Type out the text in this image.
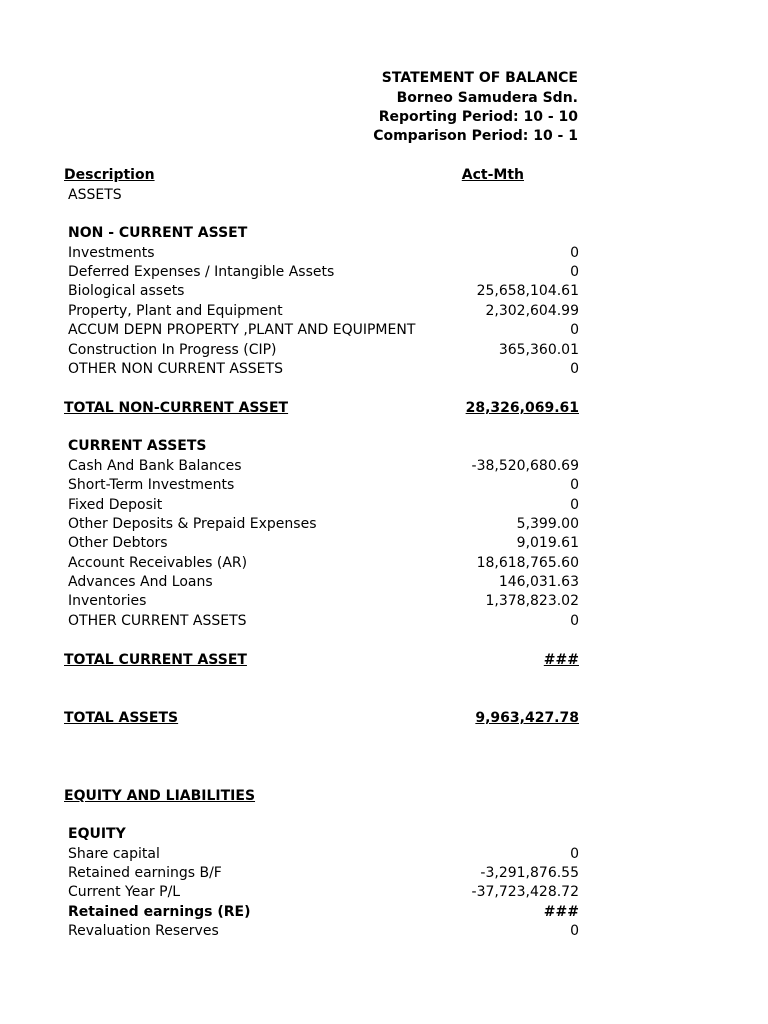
STATEMENT OF BALANCE
Borneo Samudera Sdn.
Reporting Period: 10 - 10
Comparison Period: 10 - 1
Description	Act-Mth
ASSETS
NON - CURRENT ASSET
Investments	0
Deferred Expenses / Intangible Assets	0
Biological assets	25,658,104.61
Property, Plant and Equipment	2,302,604.99
ACCUM DEPN PROPERTY ,PLANT AND EQUIPMENT	0
Construction In Progress (CIP)	365,360.01
OTHER NON CURRENT ASSETS	0
TOTAL NON-CURRENT ASSET	28,326,069.61
CURRENT ASSETS
Cash And Bank Balances	-38,520,680.69
Short-Term Investments	0
Fixed Deposit	0
Other Deposits & Prepaid Expenses	5,399.00
Other Debtors	9,019.61
Account Receivables (AR)	18,618,765.60
Advances And Loans	146,031.63
Inventories	1,378,823.02
OTHER CURRENT ASSETS	0
TOTAL CURRENT ASSET	###
TOTAL ASSETS	9,963,427.78
EQUITY AND LIABILITIES
EQUITY
Share capital	0
Retained earnings B/F	-3,291,876.55
Current Year P/L	-37,723,428.72
Retained earnings (RE)	###
Revaluation Reserves	0
